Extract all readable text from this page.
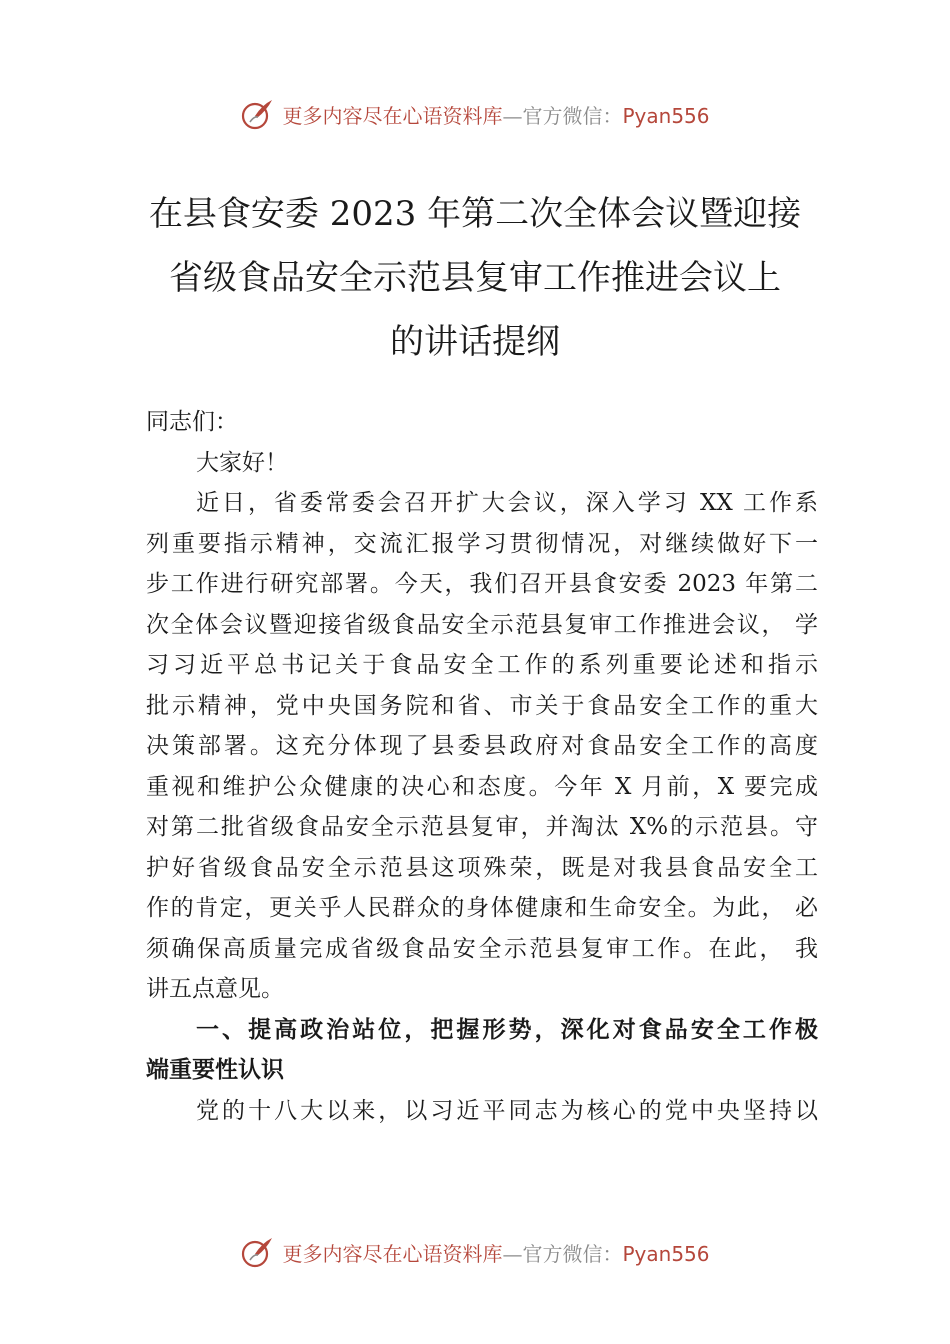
更多内容尽在心语资料库—官方微信：Pyan556
在县食安委 2023 年第二次全体会议暨迎接
省级食品安全示范县复审工作推进会议上
的讲话提纲
同志们：
大家好！
近日，省委常委会召开扩大会议，深入学习 XX 工作系
列重要指示精神，交流汇报学习贯彻情况，对继续做好下一
步工作进行研究部署。今天，我们召开县食安委 2023 年第二
次全体会议暨迎接省级食品安全示范县复审工作推进会议， 学
习习近平总书记关于食品安全工作的系列重要论述和指示
批示精神，党中央国务院和省、市关于食品安全工作的重大
决策部署。这充分体现了县委县政府对食品安全工作的高度
重视和维护公众健康的决心和态度。今年 X 月前，X 要完成
对第二批省级食品安全示范县复审，并淘汰 X%的示范县。守
护好省级食品安全示范县这项殊荣，既是对我县食品安全工
作的肯定，更关乎人民群众的身体健康和生命安全。为此， 必
须确保高质量完成省级食品安全示范县复审工作。在此， 我
讲五点意见。
一、提高政治站位，把握形势，深化对食品安全工作极
端重要性认识
党的十八大以来，以习近平同志为核心的党中央坚持以
更多内容尽在心语资料库—官方微信：Pyan556
